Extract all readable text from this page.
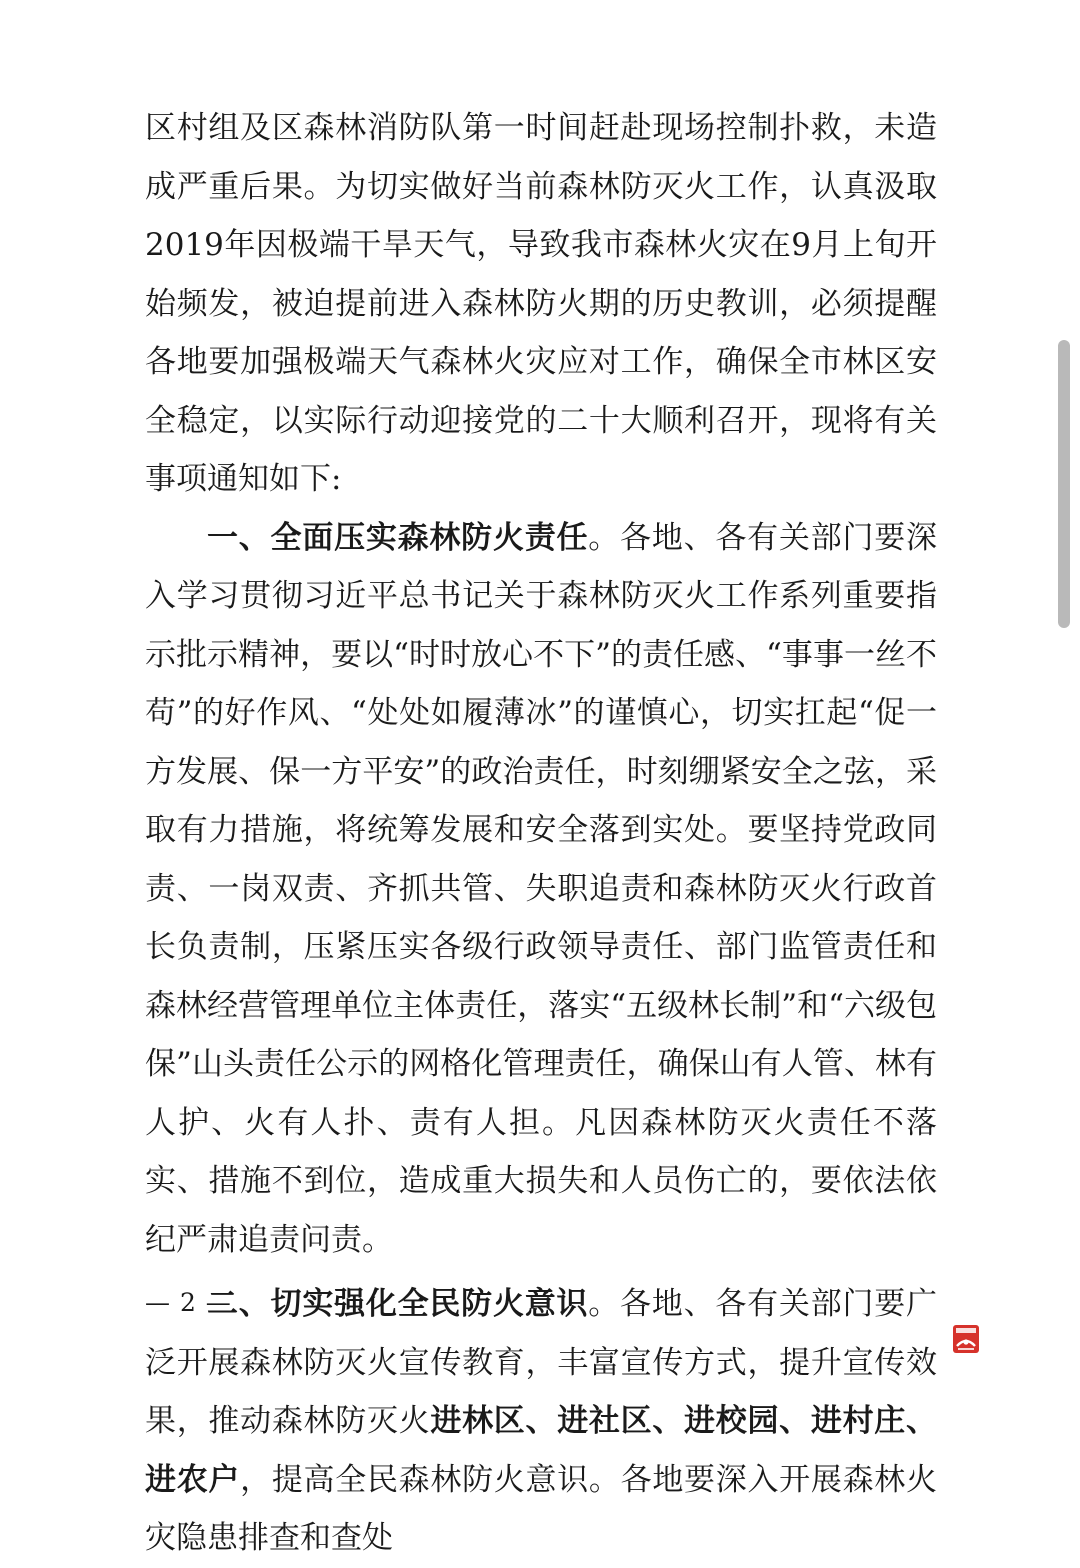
区村组及区森林消防队第一时间赶赴现场控制扑救，未造成严重后果。为切实做好当前森林防灭火工作，认真汲取2019年因极端干旱天气，导致我市森林火灾在9月上旬开始频发，被迫提前进入森林防火期的历史教训，必须提醒各地要加强极端天气森林火灾应对工作，确保全市林区安全稳定，以实际行动迎接党的二十大顺利召开，现将有关事项通知如下:

一、全面压实森林防火责任。各地、各有关部门要深入学习贯彻习近平总书记关于森林防灭火工作系列重要指示批示精神，要以“时时放心不下”的责任感、“事事一丝不苟”的好作风、“处处如履薄冰”的谨慎心，切实扛起“促一方发展、保一方平安”的政治责任，时刻绷紧安全之弦，采取有力措施，将统筹发展和安全落到实处。要坚持党政同责、一岗双责、齐抓共管、失职追责和森林防灭火行政首长负责制，压紧压实各级行政领导责任、部门监管责任和森林经营管理单位主体责任，落实“五级林长制”和“六级包保”山头责任公示的网格化管理责任，确保山有人管、林有人护、火有人扑、责有人担。凡因森林防灭火责任不落实、措施不到位，造成重大损失和人员伤亡的，要依法依纪严肃追责问责。

二、切实强化全民防火意识。各地、各有关部门要广泛开展森林防灭火宣传教育，丰富宣传方式，提升宣传效果，推动森林防灭火进林区、进社区、进校园、进村庄、进农户，提高全民森林防火意识。各地要深入开展森林火灾隐患排查和查处

— 2 —
